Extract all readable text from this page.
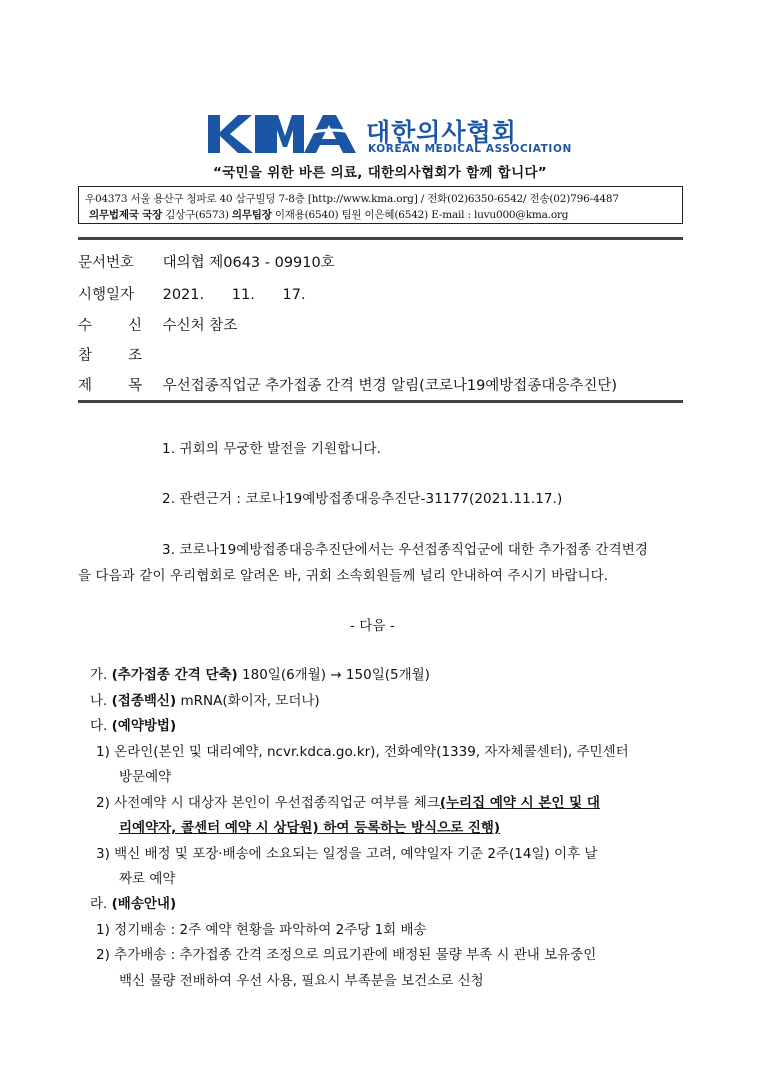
대한의사협회
KOREAN MEDICAL ASSOCIATION
“국민을 위한 바른 의료, 대한의사협회가 함께 합니다”
우04373 서울 용산구 청파로 40 삼구빌딩 7-8층 [http://www.kma.org] / 전화(02)6350-6542/ 전송(02)796-4487
의무법제국 국장 김상구(6573) 의무팀장 이재용(6540) 팀원 이은혜(6542) E-mail : luvu000@kma.org
문서번호 대의협 제0643 - 09910호
시행일자 2021.      11.      17.
수신 수신처 참조
참조
제목 우선접종직업군 추가접종 간격 변경 알림(코로나19예방접종대응추진단)
1. 귀회의 무궁한 발전을 기원합니다.
2. 관련근거 : 코로나19예방접종대응추진단-31177(2021.11.17.)
3. 코로나19예방접종대응추진단에서는 우선접종직업군에 대한 추가접종 간격변경
을 다음과 같이 우리협회로 알려온 바, 귀회 소속회원들께 널리 안내하여 주시기 바랍니다.
- 다음 -
가. (추가접종 간격 단축) 180일(6개월) → 150일(5개월)
나. (접종백신) mRNA(화이자, 모더나)
다. (예약방법)
1) 온라인(본인 및 대리예약, ncvr.kdca.go.kr), 전화예약(1339, 자자체콜센터), 주민센터
방문예약
2) 사전예약 시 대상자 본인이 우선접종직업군 여부를 체크(누리집 예약 시 본인 및 대
리예약자, 콜센터 예약 시 상담원) 하여 등록하는 방식으로 진행)
3) 백신 배정 및 포장·배송에 소요되는 일정을 고려, 예약일자 기준 2주(14일) 이후 날
짜로 예약
라. (배송안내)
1) 정기배송 : 2주 예약 현황을 파악하여 2주당 1회 배송
2) 추가배송 : 추가접종 간격 조정으로 의료기관에 배정된 물량 부족 시 관내 보유중인
백신 물량 전배하여 우선 사용, 필요시 부족분을 보건소로 신청
